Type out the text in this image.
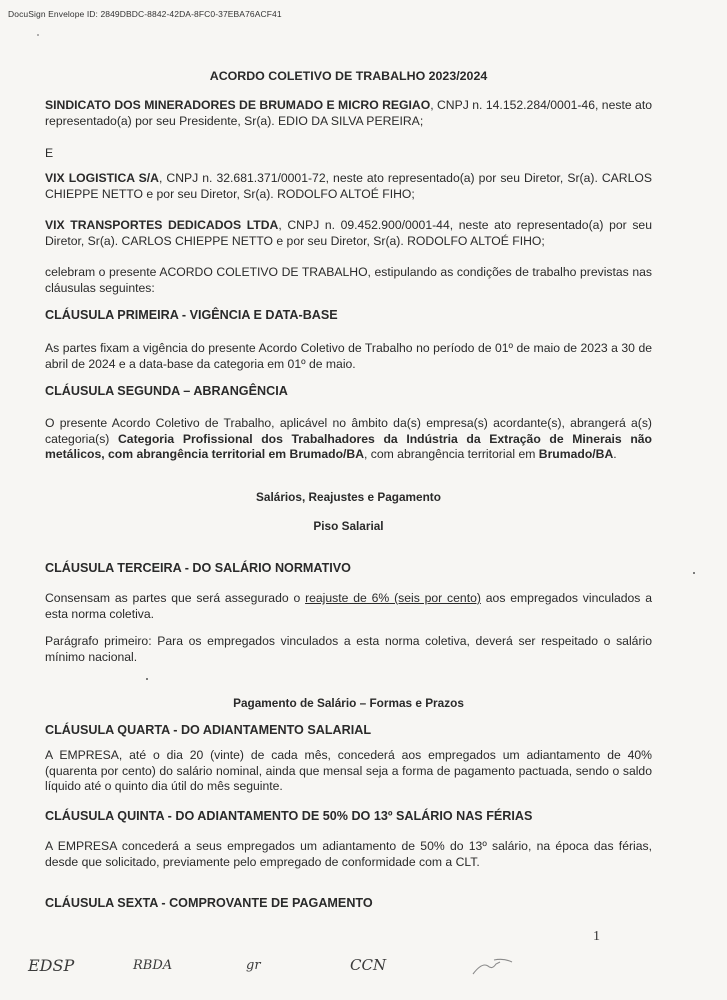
DocuSign Envelope ID: 2849DBDC-8842-42DA-8FC0-37EBA76ACF41

ACORDO COLETIVO DE TRABALHO 2023/2024

SINDICATO DOS MINERADORES DE BRUMADO E MICRO REGIAO, CNPJ n. 14.152.284/0001-46, neste ato representado(a) por seu Presidente, Sr(a). EDIO DA SILVA PEREIRA;

E

VIX LOGISTICA S/A, CNPJ n. 32.681.371/0001-72, neste ato representado(a) por seu Diretor, Sr(a). CARLOS CHIEPPE NETTO e por seu Diretor, Sr(a). RODOLFO ALTOÉ FIHO;

VIX TRANSPORTES DEDICADOS LTDA, CNPJ n. 09.452.900/0001-44, neste ato representado(a) por seu Diretor, Sr(a). CARLOS CHIEPPE NETTO e por seu Diretor, Sr(a). RODOLFO ALTOÉ FIHO;

celebram o presente ACORDO COLETIVO DE TRABALHO, estipulando as condições de trabalho previstas nas cláusulas seguintes:

CLÁUSULA PRIMEIRA - VIGÊNCIA E DATA-BASE

As partes fixam a vigência do presente Acordo Coletivo de Trabalho no período de 01º de maio de 2023 a 30 de abril de 2024 e a data-base da categoria em 01º de maio.

CLÁUSULA SEGUNDA – ABRANGÊNCIA

O presente Acordo Coletivo de Trabalho, aplicável no âmbito da(s) empresa(s) acordante(s), abrangerá a(s) categoria(s) Categoria Profissional dos Trabalhadores da Indústria da Extração de Minerais não metálicos, com abrangência territorial em Brumado/BA, com abrangência territorial em Brumado/BA.

Salários, Reajustes e Pagamento

Piso Salarial

CLÁUSULA TERCEIRA - DO SALÁRIO NORMATIVO

Consensam as partes que será assegurado o reajuste de 6% (seis por cento) aos empregados vinculados a esta norma coletiva.

Parágrafo primeiro: Para os empregados vinculados a esta norma coletiva, deverá ser respeitado o salário mínimo nacional.

Pagamento de Salário – Formas e Prazos

CLÁUSULA QUARTA - DO ADIANTAMENTO SALARIAL

A EMPRESA, até o dia 20 (vinte) de cada mês, concederá aos empregados um adiantamento de 40% (quarenta por cento) do salário nominal, ainda que mensal seja a forma de pagamento pactuada, sendo o saldo líquido até o quinto dia útil do mês seguinte.

CLÁUSULA QUINTA - DO ADIANTAMENTO DE 50% DO 13º SALÁRIO NAS FÉRIAS

A EMPRESA concederá a seus empregados um adiantamento de 50% do 13º salário, na época das férias, desde que solicitado, previamente pelo empregado de conformidade com a CLT.

CLÁUSULA SEXTA - COMPROVANTE DE PAGAMENTO

1
EDSP	RBDA	gr	CCN
